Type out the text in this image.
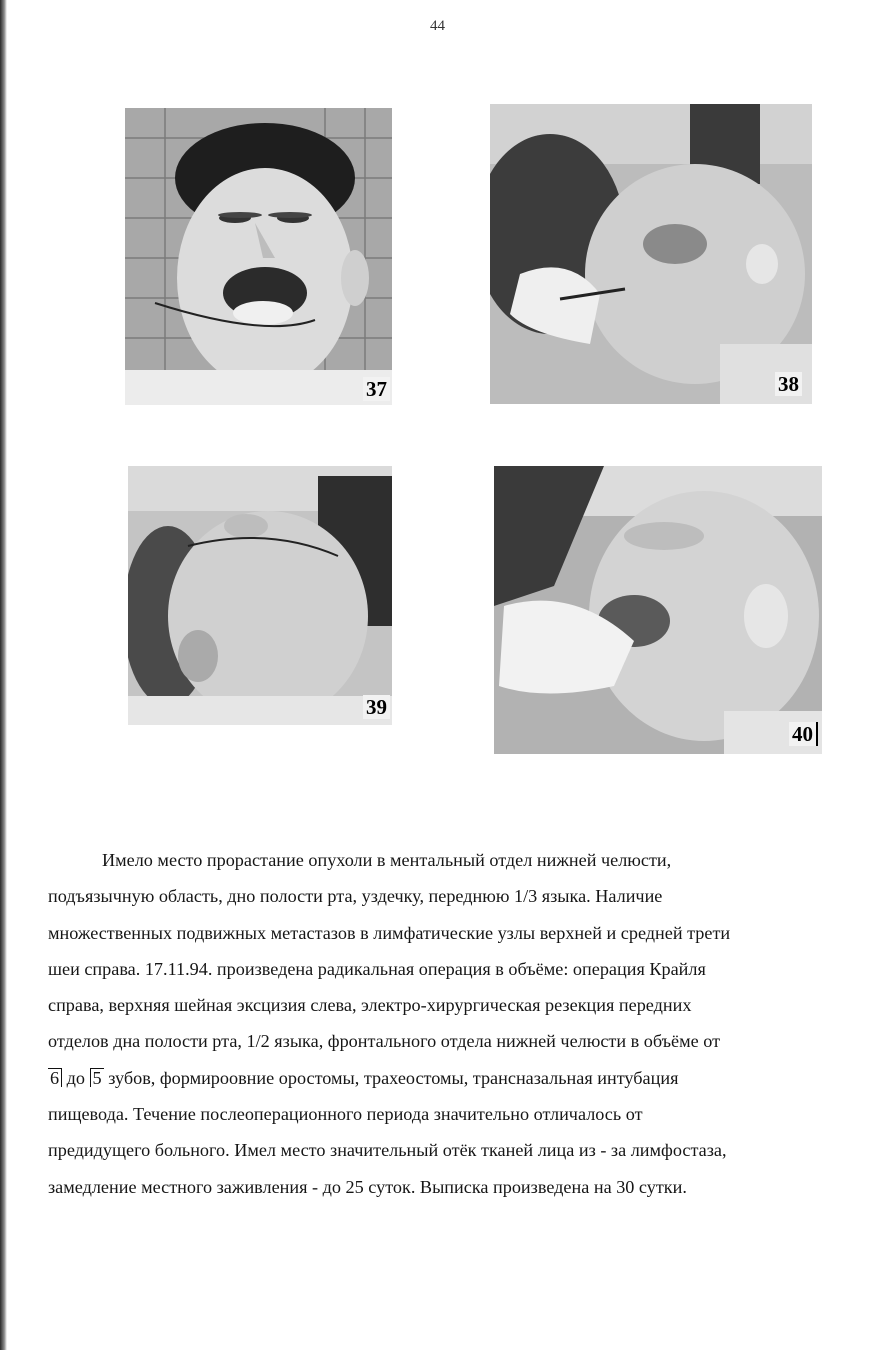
44
37	38
39
40
Имело место прорастание опухоли в ментальный отдел нижней челюсти,
подъязычную область, дно полости рта, уздечку, переднюю 1/3 языка. Наличие
множественных подвижных метастазов в лимфатические узлы верхней и средней трети
шеи справа. 17.11.94. произведена радикальная операция в объёме: операция Крайля
справа, верхняя шейная эксцизия слева, электро-хирургическая резекция передних
отделов дна полости рта, 1/2 языка, фронтального отдела нижней челюсти в объёме от
6 до 5 зубов, формироовние оростомы, трахеостомы, трансназальная интубация
пищевода. Течение послеоперационного периода значительно отличалось от
предидущего больного. Имел место значительный отёк тканей лица из - за лимфостаза,
замедление местного заживления - до 25 суток. Выписка произведена на 30 сутки.
